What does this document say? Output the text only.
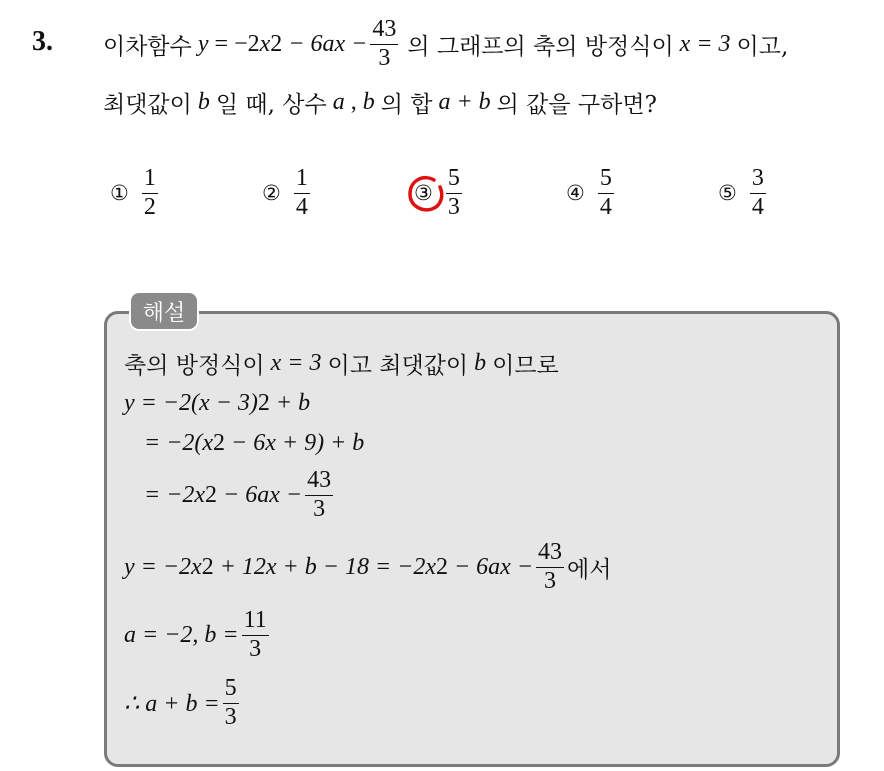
3. 이차함수 y = −2 x $2 - 6ax - \frac{43}{3}$ 의 그래프의 축의 방정식이 x = 3 이고,
최댓값이 b 일 때, 상수 a , b 의 합 a + b 의 값을 구하면?
① $\frac{1}{2}$	② $\frac{1}{4}$	③ $\frac{5}{3}$	④ $\frac{5}{4}$	⑤ $\frac{3}{4}$
해설
축의 방정식이 x = 3 이고 최댓값이 b 이므로
y = −2(x − 3) 2 + b
= −2(x 2 − 6x + 9) + b
= −2x $2 - 6ax - \frac{43}{3}$
y = −2x 2 + 12x + b − 18 = −2x $2 - 6ax - \frac{43}{3}$ 에서
a = −2, $b = \frac{11}{3}$
∴ $a + b = \frac{5}{3}$
